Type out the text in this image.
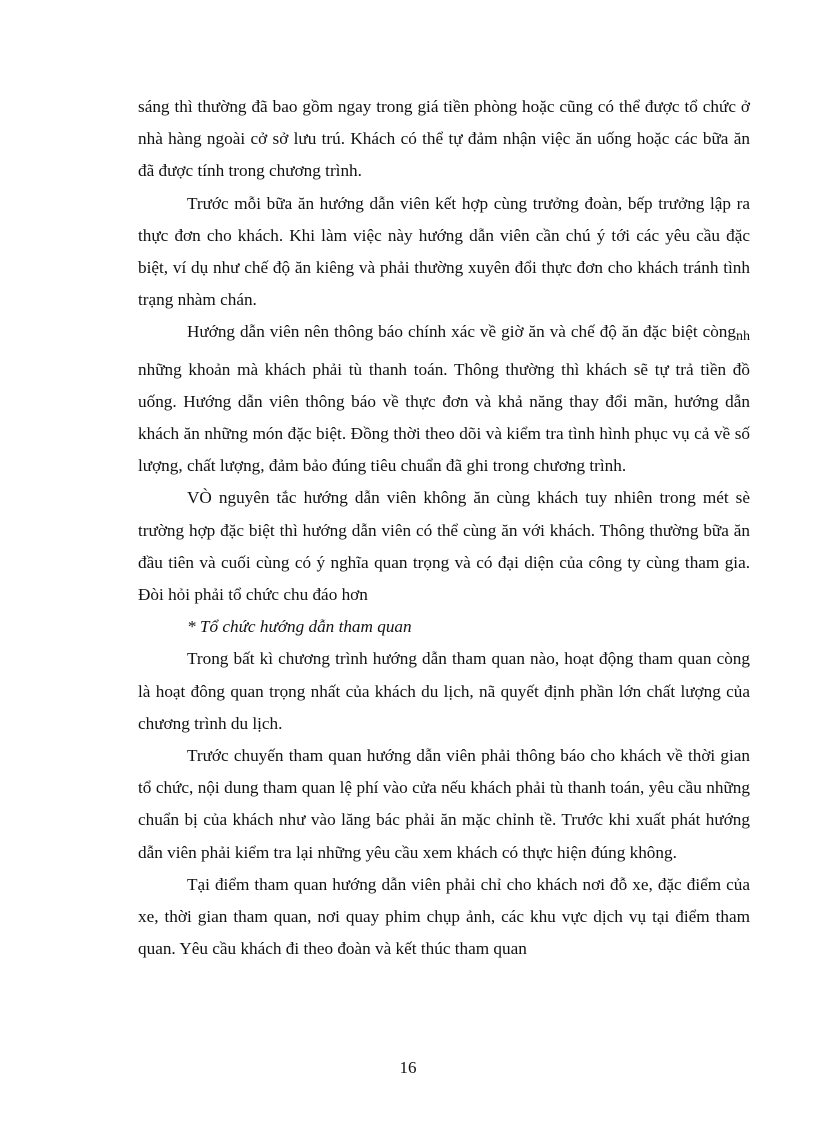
sáng thì thường đã bao gồm ngay trong giá tiền phòng hoặc cũng có thể được tổ chức ở nhà hàng ngoài cở sở lưu trú. Khách có thể tự đảm nhận việc ăn uống hoặc các bữa ăn đã được tính trong chương trình.

Trước mỗi bữa ăn hướng dẫn viên kết hợp cùng trưởng đoàn, bếp trưởng lập ra thực đơn cho khách. Khi làm việc này hướng dẫn viên cần chú ý tới các yêu cầu đặc biệt, ví dụ như chế độ ăn kiêng và phải thường xuyên đổi thực đơn cho khách tránh tình trạng nhàm chán.

Hướng dẫn viên nên thông báo chính xác về giờ ăn và chế độ ăn đặc biệt còng$_{nh}$ những khoản mà khách phải tù thanh toán. Thông thường thì khách sẽ tự trả tiền đồ uống. Hướng dẫn viên thông báo về thực đơn và khả năng thay đổi mãn, hướng dẫn khách ăn những món đặc biệt. Đồng thời theo dõi và kiểm tra tình hình phục vụ cả về số lượng, chất lượng, đảm bảo đúng tiêu chuẩn đã ghi trong chương trình.

VÒ nguyên tắc hướng dẫn viên không ăn cùng khách tuy nhiên trong mét sè trường hợp đặc biệt thì hướng dẫn viên có thể cùng ăn với khách. Thông thường bữa ăn đầu tiên và cuối cùng có ý nghĩa quan trọng và có đại diện của công ty cùng tham gia. Đòi hỏi phải tổ chức chu đáo hơn

* Tổ chức hướng dẫn tham quan

Trong bất kì chương trình hướng dẫn tham quan nào, hoạt động tham quan còng là hoạt đông quan trọng nhất của khách du lịch, nã quyết định phần lớn chất lượng của chương trình du lịch.

Trước chuyến tham quan hướng dẫn viên phải thông báo cho khách về thời gian tổ chức, nội dung tham quan lệ phí vào cửa nếu khách phải tù thanh toán, yêu cầu những chuẩn bị của khách như vào lăng bác phải ăn mặc chỉnh tề. Trước khi xuất phát hướng dẫn viên phải kiểm tra lại những yêu cầu xem khách có thực hiện đúng không.

Tại điểm tham quan hướng dẫn viên phải chỉ cho khách nơi đỗ xe, đặc điểm của xe, thời gian tham quan, nơi quay phim chụp ảnh, các khu vực dịch vụ tại điểm tham quan. Yêu cầu khách đi theo đoàn và kết thúc tham quan

16
